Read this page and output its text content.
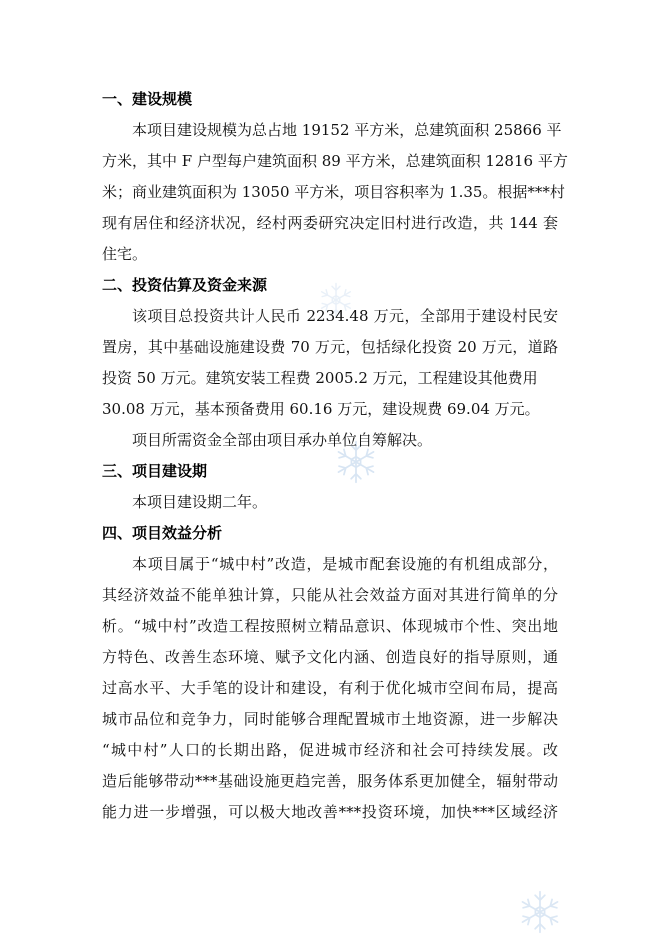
一、建设规模
本项目建设规模为总占地 19152 平方米，总建筑面积 25866 平
方米，其中 F 户型每户建筑面积 89 平方米，总建筑面积 12816 平方
米；商业建筑面积为 13050 平方米，项目容积率为 1.35。根据***村
现有居住和经济状况，经村两委研究决定旧村进行改造，共 144 套
住宅。
二、投资估算及资金来源
该项目总投资共计人民币 2234.48 万元，全部用于建设村民安
置房，其中基础设施建设费 70 万元，包括绿化投资 20 万元，道路
投资 50 万元。建筑安装工程费 2005.2 万元，工程建设其他费用
30.08 万元，基本预备费用 60.16 万元，建设规费 69.04 万元。
项目所需资金全部由项目承办单位自筹解决。
三、项目建设期
本项目建设期二年。
四、项目效益分析
本项目属于“城中村”改造，是城市配套设施的有机组成部分，
其经济效益不能单独计算，只能从社会效益方面对其进行简单的分
析。“城中村”改造工程按照树立精品意识、体现城市个性、突出地
方特色、改善生态环境、赋予文化内涵、创造良好的指导原则，通
过高水平、大手笔的设计和建设，有利于优化城市空间布局，提高
城市品位和竞争力，同时能够合理配置城市土地资源，进一步解决
“城中村”人口的长期出路，促进城市经济和社会可持续发展。改
造后能够带动***基础设施更趋完善，服务体系更加健全，辐射带动
能力进一步增强，可以极大地改善***投资环境，加快***区域经济
